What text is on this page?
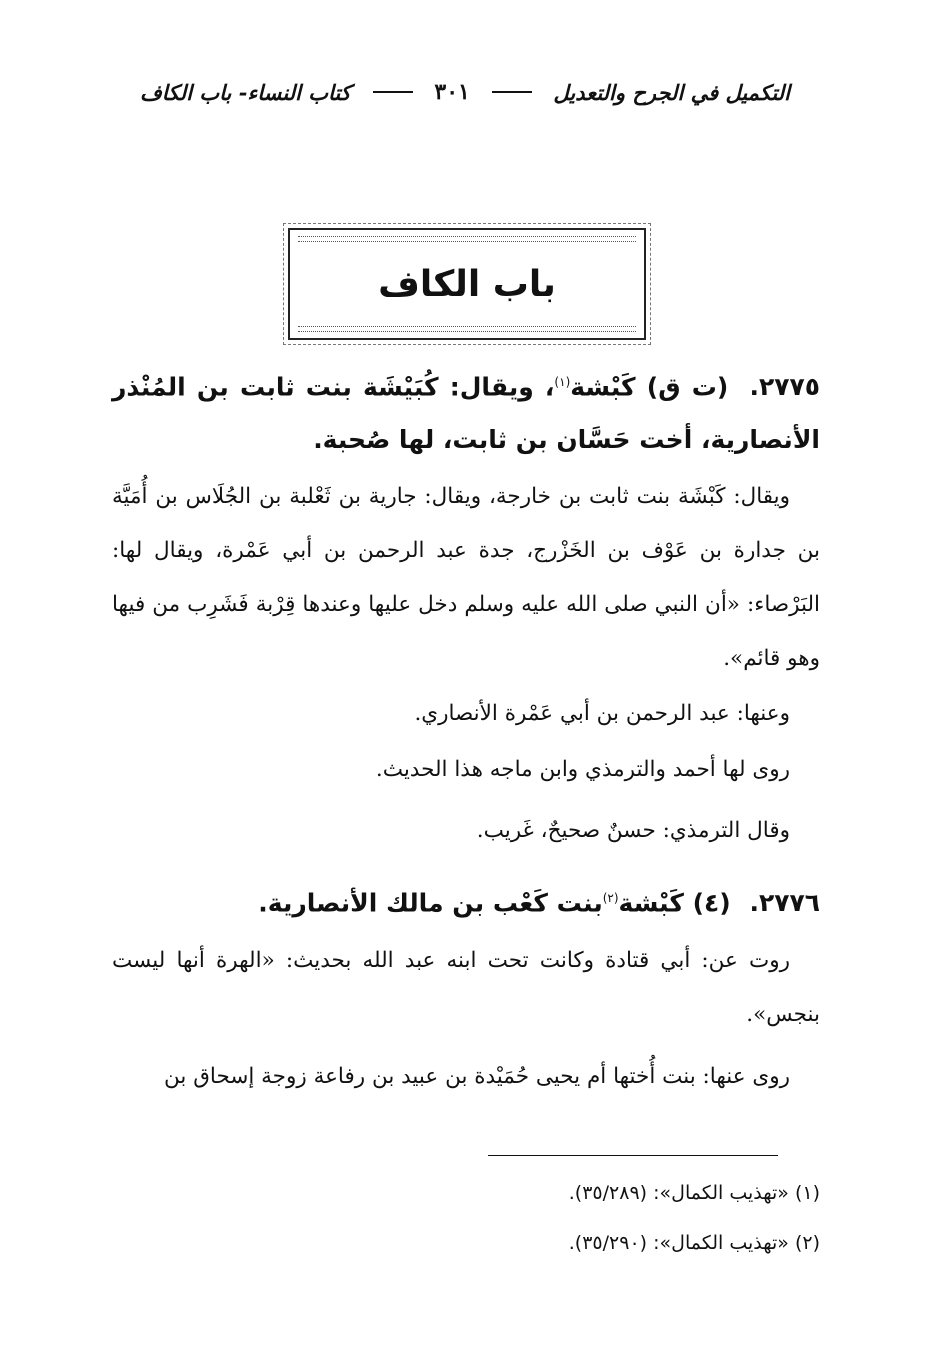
التكميل في الجرح والتعديل
٣٠١
كتاب النساء- باب الكاف
باب الكاف
٢٧٧٥. (ت ق) كَبْشة$^{(١)}$، ويقال: كُبَيْشَة بنت ثابت بن المُنْذر الأنصارية، أخت حَسَّان بن ثابت، لها صُحبة.

ويقال: كَبْشَة بنت ثابت بن خارجة، ويقال: جارية بن ثَعْلبة بن الجُلَاس بن أُمَيَّة بن جدارة بن عَوْف بن الخَزْرج، جدة عبد الرحمن بن أبي عَمْرة، ويقال لها: البَرْصاء: «أن النبي صلى الله عليه وسلم دخل عليها وعندها قِرْبة فَشَرِب من فيها وهو قائم».

وعنها: عبد الرحمن بن أبي عَمْرة الأنصاري.

روى لها أحمد والترمذي وابن ماجه هذا الحديث.

وقال الترمذي: حسنٌ صحيحٌ، غَريب.

٢٧٧٦. (٤) كَبْشة$^{(٢)}$بنت كَعْب بن مالك الأنصارية.

روت عن: أبي قتادة وكانت تحت ابنه عبد الله بحديث: «الهرة أنها ليست بنجس».

روى عنها: بنت أُختها أم يحيى حُمَيْدة بن عبيد بن رفاعة زوجة إسحاق بن

(١) «تهذيب الكمال»: (٣٥/٢٨٩).

(٢) «تهذيب الكمال»: (٣٥/٢٩٠).
